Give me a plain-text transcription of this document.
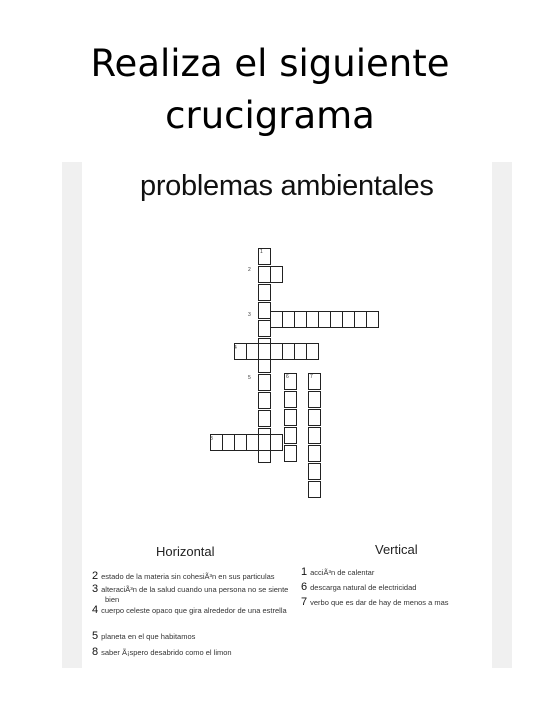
Realiza el siguiente
crucigrama
problemas ambientales
1
2
3
4
5	6	7
8
Horizontal	Vertical
2 estado de la materia sin cohesiÃ³n en sus particulas
3 alteraciÃ³n de la salud cuando una persona no se siente
bien
4 cuerpo celeste opaco que gira alrededor de una estrella
5 planeta en el que habitamos
8 saber Ã¡spero desabrido como el limon
1 acciÃ³n de calentar
6 descarga natural de electricidad
7 verbo que es dar de hay de menos a mas
